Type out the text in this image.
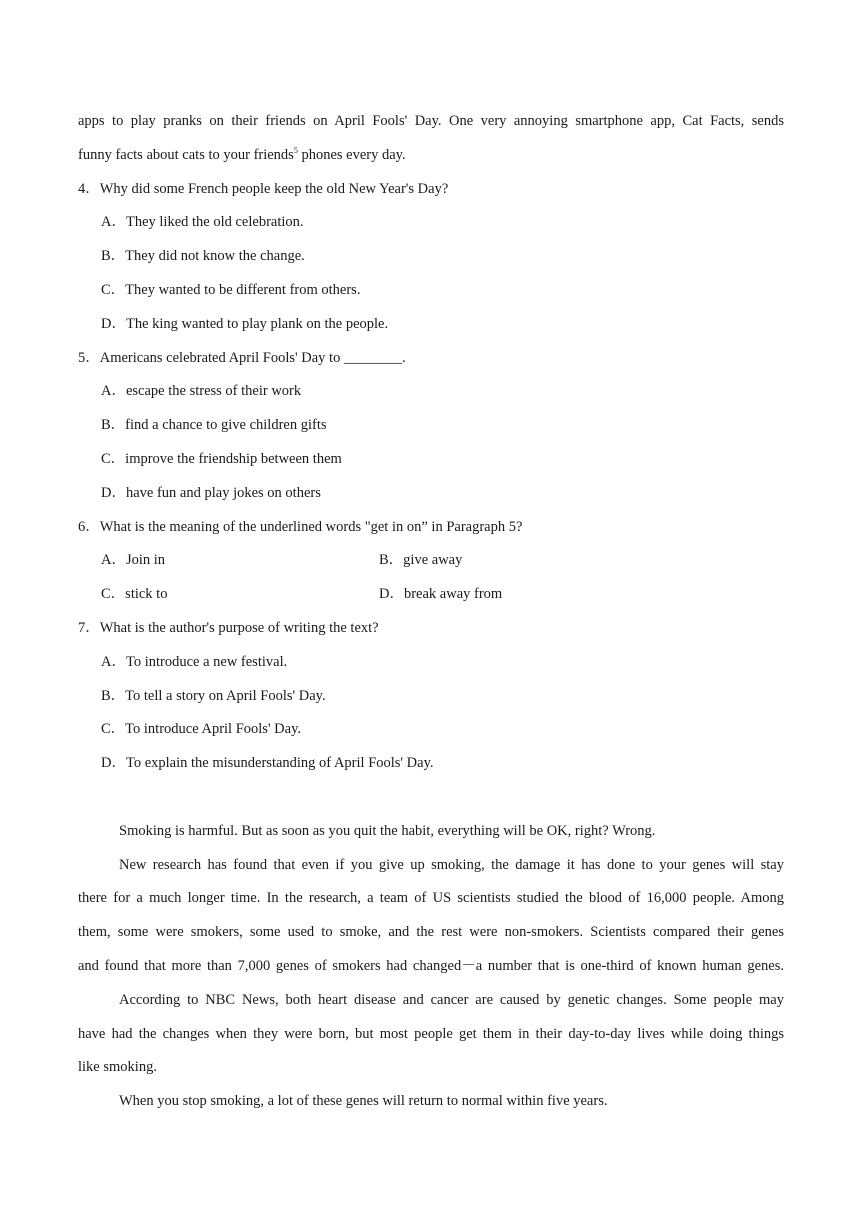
apps to play pranks on their friends on April Fools' Day. One very annoying smartphone app, Cat Facts, sends
funny facts about cats to your friends$^5$ phones every day.
4．Why did some French people keep the old New Year's Day?
A．They liked the old celebration.
B．They did not know the change.
C．They wanted to be different from others.
D．The king wanted to play plank on the people.
5．Americans celebrated April Fools' Day to ________.
A．escape the stress of their work
B．find a chance to give children gifts
C．improve the friendship between them
D．have fun and play jokes on others
6．What is the meaning of the underlined words "get in on” in Paragraph 5?
A．Join in	B．give away
C．stick to	D．break away from
7．What is the author's purpose of writing the text?
A．To introduce a new festival.
B．To tell a story on April Fools' Day.
C．To introduce April Fools' Day.
D．To explain the misunderstanding of April Fools' Day.
Smoking is harmful. But as soon as you quit the habit, everything will be OK, right? Wrong.
New research has found that even if you give up smoking, the damage it has done to your genes will stay
there for a much longer time. In the research, a team of US scientists studied the blood of 16,000 people. Among
them, some were smokers, some used to smoke, and the rest were non-smokers. Scientists compared their genes
and found that more than 7,000 genes of smokers had changed－a number that is one-third of known human genes.
According to NBC News, both heart disease and cancer are caused by genetic changes. Some people may
have had the changes when they were born, but most people get them in their day-to-day lives while doing things
like smoking.
When you stop smoking, a lot of these genes will return to normal within five years.
